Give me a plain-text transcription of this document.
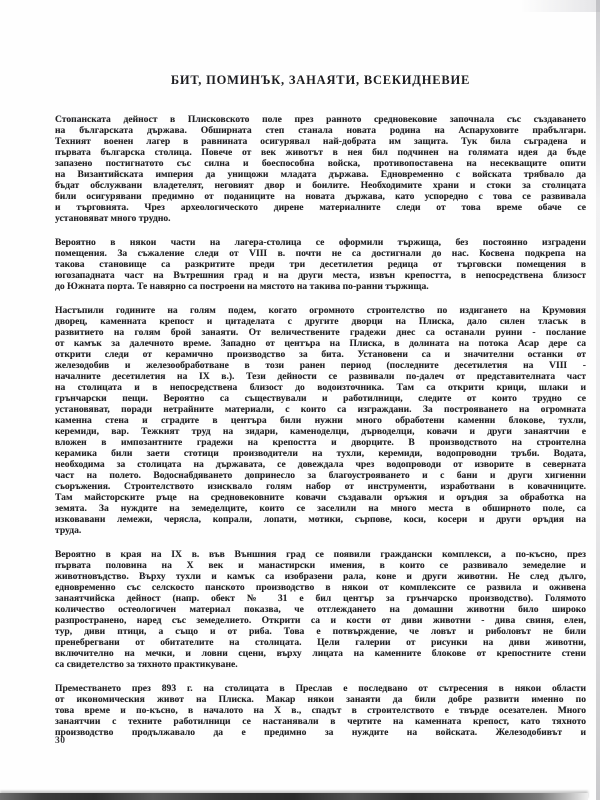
БИТ, ПОМИНЪК, ЗАНАЯТИ, ВСЕКИДНЕВИЕ
Стопанската дейност в Плисковското поле през ранното средновековие започнала със създаването
на българската държава. Обширната степ станала новата родина на Аспаруховите прабългари.
Техният военен лагер в равнината осигурявал най-добрата им защита. Тук била съградена и
първата българска столица. Повече от век животът в нея бил подчинен на голямата идея да бъде
запазено постигнатото със силна и боеспособна войска, противопоставена на несекващите опити
на Византийската империя да унищожи младата държава. Едновременно с войската трябвало да
бъдат обслужвани владетелят, неговият двор и боилите. Необходимите храни и стоки за столицата
били осигурявани предимно от поданиците на новата държава, като успоредно с това се развивала
и търговията. Чрез археологическото дирене материалните следи от това време обаче се
установяват много трудно.
Вероятно в някои части на лагера-столица се оформили тържища, без постоянно изградени
помещения. За съжаление следи от VIII в. почти не са достигнали до нас. Косвена подкрепа на
такова становище са разкритите преди три десетилетия редица от търговски помещения в
югозападната част на Вътрешния град и на други места, извън крепостта, в непосредствена близост
до Южната порта. Те навярно са построени на мястото на такива по-ранни тържища.
Настъпили годините на голям подем, когато огромното строителство по издигането на Крумовия
дворец, каменната крепост и цитаделата с другите дворци на Плиска, дало силен тласък в
развитието на голям брой занаяти. От величествените градежи днес са останали руини - послание
от камък за далечното време. Западно от центъра на Плиска, в долината на потока Асар дере са
открити следи от керамично производство за бита. Установени са и значителни останки от
железодобив и железообработване в този ранен период (последните десетилетия на VIII -
началните десетилетия на IX в.). Тези дейности се развивали по-далеч от представителната част
на столицата и в непосредствена близост до водоизточника. Там са открити крици, шлаки и
грънчарски пещи. Вероятно са съществували и работилници, следите от които трудно се
установяват, поради нетрайните материали, с които са изграждани. За построяването на огромната
каменна стена и сградите в центъра били нужни много обработени каменни блокове, тухли,
керемиди, вар. Тежкият труд на зидари, каменоделци, дърводелци, ковачи и други занаятчии е
вложен в импозантните градежи на крепостта и дворците. В производството на строителна
керамика били заети стотици производители на тухли, керемиди, водопроводни тръби. Водата,
необходима за столицата на държавата, се довеждала чрез водопроводи от изворите в северната
част на полето. Водоснабдяването допринесло за благоустрояването и с бани и други хигиенни
съоръжения. Строителството изисквало голям набор от инструменти, изработвани в ковачниците.
Там майсторските ръце на средновековните ковачи създавали оръжия и оръдия за обработка на
земята. За нуждите на земеделците, които се заселили на много места в обширното поле, са
изковавани лемежи, черясла, копрали, лопати, мотики, сърпове, коси, косери и други оръдия на
труда.
Вероятно в края на IX в. във Външния град се появили граждански комплекси, а по-късно, през
първата половина на X век и манастирски имения, в които се развивало земеделие и
животновъдство. Върху тухли и камък са изобразени рала, коне и други животни. Не след дълго,
едновременно със селскосто панското производство в някои от комплексите се развила и оживена
занаятчийска дейност (напр. обект № 31 е бил център за грънчарско производство). Голямото
количество остеологичен материал показва, че отглеждането на домашни животни било широко
разпространено, наред със земеделието. Открити са и кости от диви животни - дива свиня, елен,
тур, диви птици, а също и от риба. Това е потвърждение, че ловът и риболовът не били
пренебрегвани от обитателите на столицата. Цели галерии от рисунки на диви животни,
включително на мечки, и ловни сцени, върху лицата на каменните блокове от крепостните стени
са свидетелство за тяхното практикуване.
Преместването през 893 г. на столицата в Преслав е последвано от сътресения в някои области
от икономическия живот на Плиска. Макар някои занаяти да били добре развити именно по
това време и по-късно, в началото на X в., спадът в строителството е твърде осезателен. Много
занаятчии с техните работилници се настанявали в чертите на каменната крепост, като тяхното
производство продължавало да е предимно за нуждите на войската. Железодобивът и
30
